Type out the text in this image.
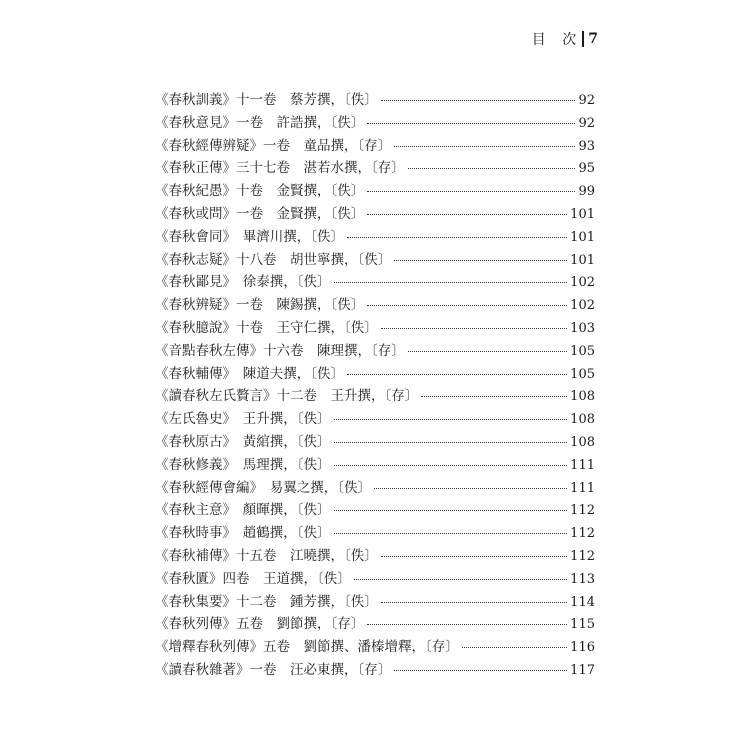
目 次 7
《春秋訓義》十一卷　蔡芳撰，〔佚〕	92
《春秋意見》一卷　許誥撰，〔佚〕	92
《春秋經傳辨疑》一卷　童品撰，〔存〕	93
《春秋正傳》三十七卷　湛若水撰，〔存〕	95
《春秋紀愚》十卷　金賢撰，〔佚〕	99
《春秋或問》一卷　金賢撰，〔佚〕	101
《春秋會同》　畢濟川撰，〔佚〕	101
《春秋志疑》十八卷　胡世寧撰，〔佚〕	101
《春秋鄙見》　徐泰撰，〔佚〕	102
《春秋辨疑》一卷　陳錫撰，〔佚〕	102
《春秋臆說》十卷　王守仁撰，〔佚〕	103
《音點春秋左傳》十六卷　陳理撰，〔存〕	105
《春秋輔傳》　陳道夫撰，〔佚〕	105
《讀春秋左氏贅言》十二卷　王升撰，〔存〕	108
《左氏魯史》　王升撰，〔佚〕	108
《春秋原古》　黃綰撰，〔佚〕	108
《春秋修義》　馬理撰，〔佚〕	111
《春秋經傳會編》　易翼之撰，〔佚〕	111
《春秋主意》　顏暉撰，〔佚〕	112
《春秋時事》　趙鶴撰，〔佚〕	112
《春秋補傳》十五卷　江曉撰，〔佚〕	112
《春秋匱》四卷　王道撰，〔佚〕	113
《春秋集要》十二卷　鍾芳撰，〔佚〕	114
《春秋列傳》五卷　劉節撰，〔存〕	115
《增釋春秋列傳》五卷　劉節撰、潘榛增釋，〔存〕	116
《讀春秋雜著》一卷　汪必東撰，〔存〕	117
